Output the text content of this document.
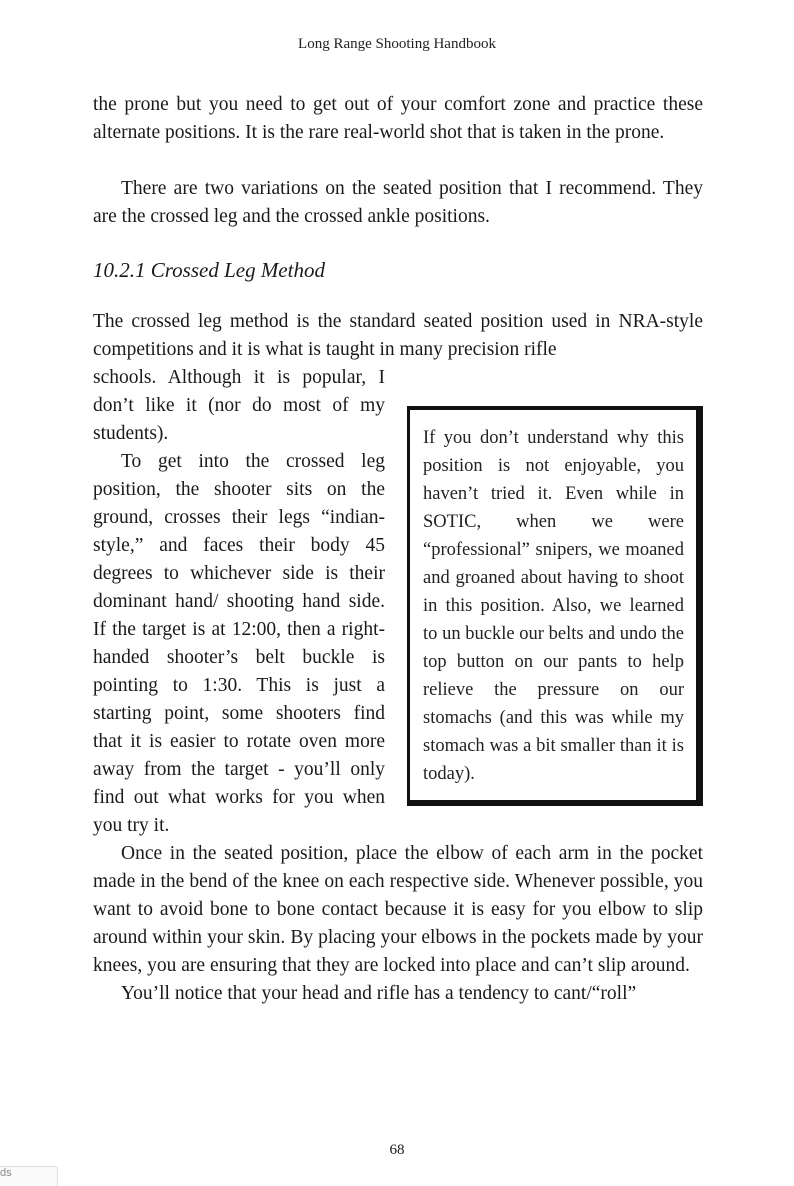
Long Range Shooting Handbook

the prone but you need to get out of your comfort zone and practice these alternate positions. It is the rare real-world shot that is taken in the prone.

There are two variations on the seated position that I recommend. They are the crossed leg and the crossed ankle positions.

10.2.1 Crossed Leg Method

The crossed leg method is the standard seated position used in NRA-style competitions and it is what is taught in many precision rifle

If you don’t understand why this position is not enjoyable, you haven’t tried it. Even while in SOTIC, when we were “professional” snipers, we moaned and groaned about having to shoot in this position. Also, we learned to un buckle our belts and undo the top button on our pants to help relieve the pressure on our stomachs (and this was while my stomach was a bit smaller than it is today).

schools. Although it is popular, I don’t like it (nor do most of my students).

To get into the crossed leg position, the shooter sits on the ground, crosses their legs “indian-style,” and faces their body 45 degrees to whichever side is their dominant hand/ shooting hand side. If the target is at 12:00, then a right-handed shooter’s belt buckle is pointing to 1:30. This is just a starting point, some shooters find that it is easier to rotate oven more away from the target - you’ll only find out what works for you when you try it.

Once in the seated position, place the elbow of each arm in the pocket made in the bend of the knee on each respective side. Whenever possible, you want to avoid bone to bone contact because it is easy for you elbow to slip around within your skin. By placing your elbows in the pockets made by your knees, you are ensuring that they are locked into place and can’t slip around.

You’ll notice that your head and rifle has a tendency to cant/“roll”

68
ds
